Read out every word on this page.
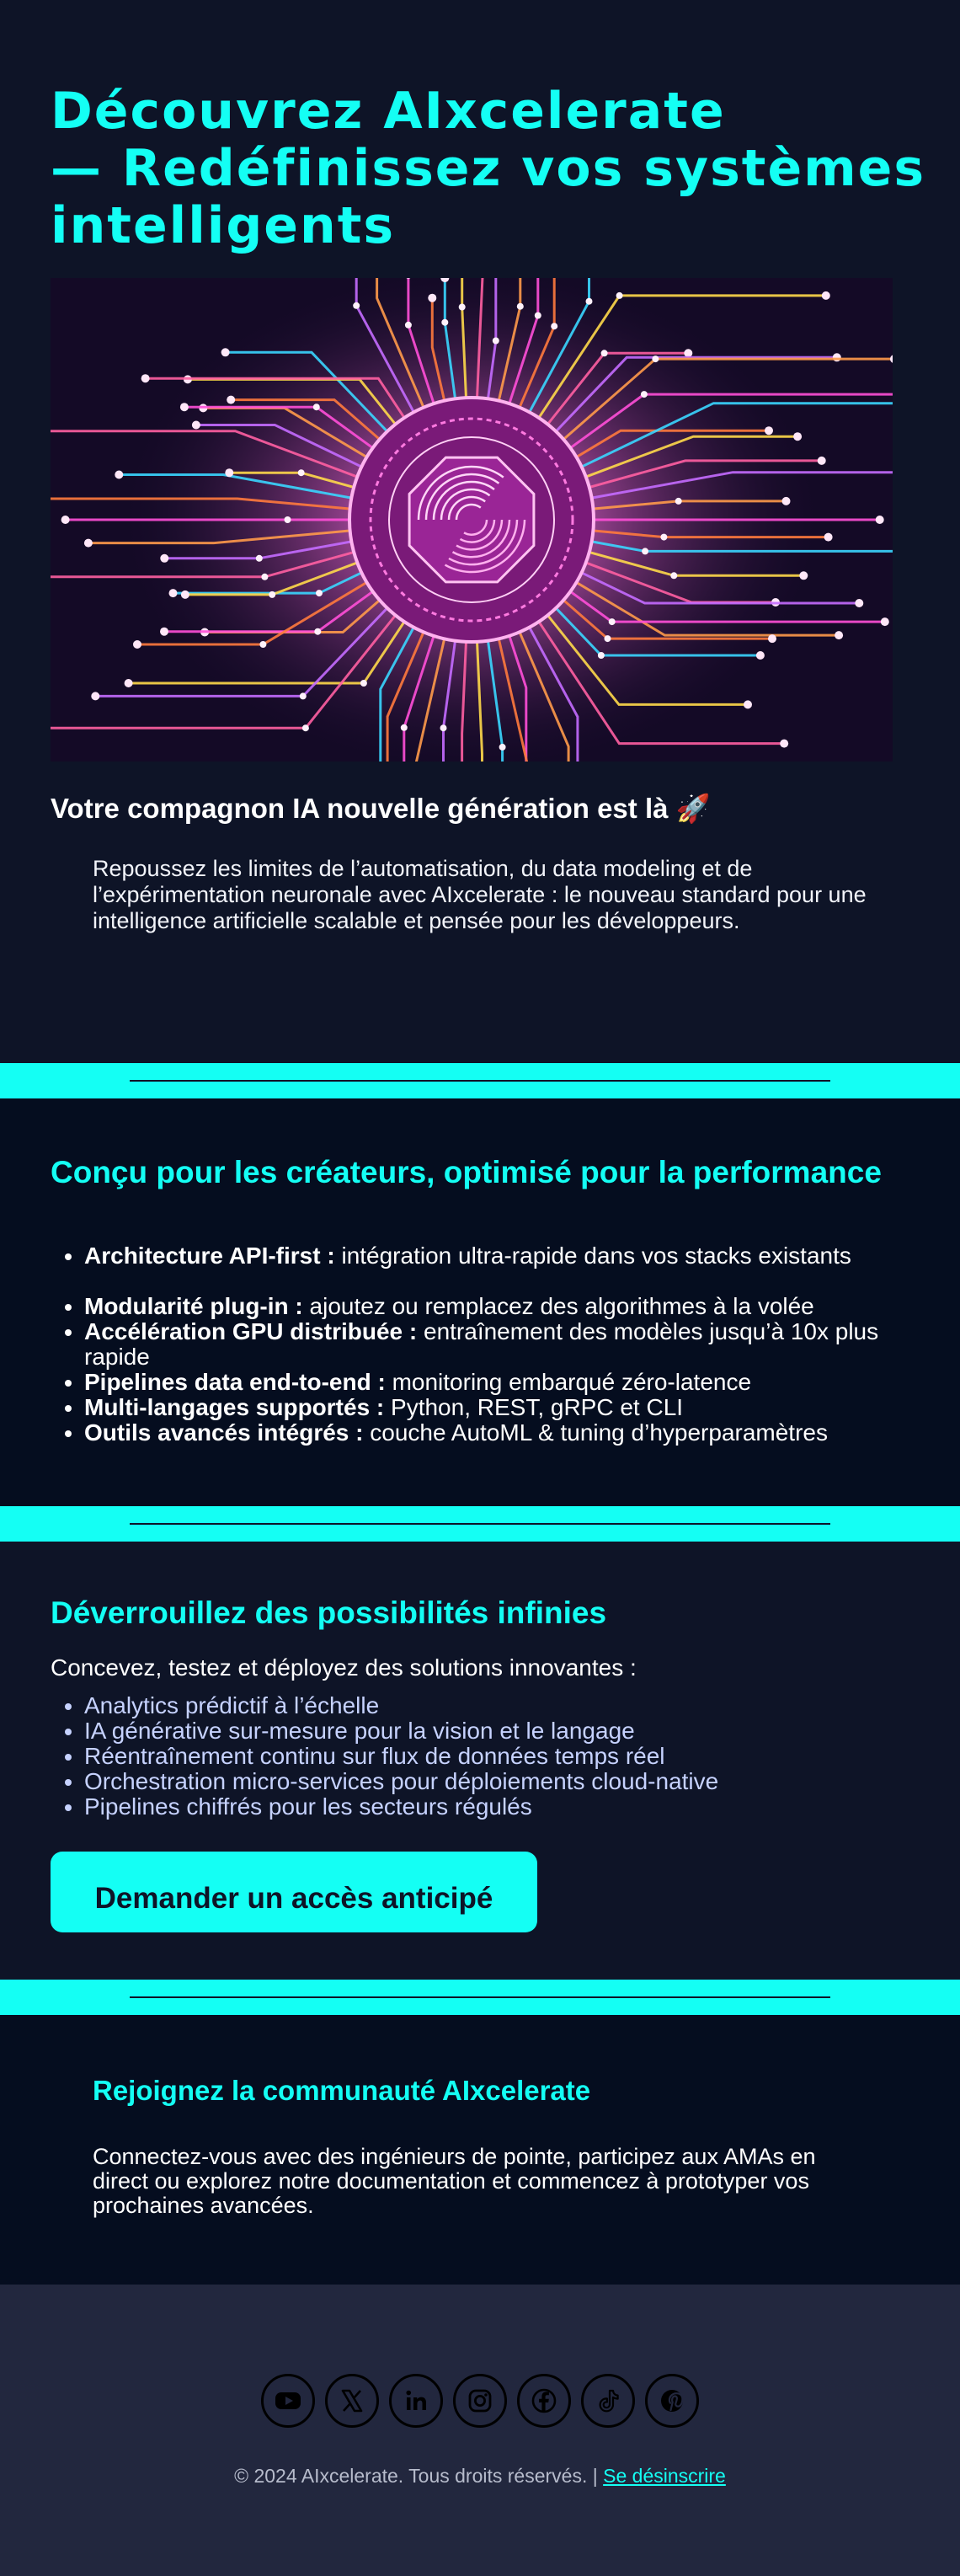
Découvrez AIxcelerate
— Redéfinissez vos systèmes
intelligents
Votre compagnon IA nouvelle génération est là 🚀

Repoussez les limites de l’automatisation, du data modeling et de l’expérimentation neuronale avec AIxcelerate : le nouveau standard pour une intelligence artificielle scalable et pensée pour les développeurs.

Conçu pour les créateurs, optimisé pour la performance
• Architecture API-first : intégration ultra-rapide dans vos stacks existants
• Modularité plug-in : ajoutez ou remplacez des algorithmes à la volée
• Accélération GPU distribuée : entraînement des modèles jusqu’à 10x plus rapide
• Pipelines data end-to-end : monitoring embarqué zéro-latence
• Multi-langages supportés : Python, REST, gRPC et CLI
• Outils avancés intégrés : couche AutoML & tuning d’hyperparamètres
Déverrouillez des possibilités infinies

Concevez, testez et déployez des solutions innovantes :

• Analytics prédictif à l’échelle
• IA générative sur-mesure pour la vision et le langage
• Réentraînement continu sur flux de données temps réel
• Orchestration micro-services pour déploiements cloud-native
• Pipelines chiffrés pour les secteurs régulés
Demander un accès anticipé
Rejoignez la communauté AIxcelerate

Connectez-vous avec des ingénieurs de pointe, participez aux AMAs en direct ou explorez notre documentation et commencez à prototyper vos prochaines avancées.

© 2024 AIxcelerate. Tous droits réservés. | Se désinscrire
